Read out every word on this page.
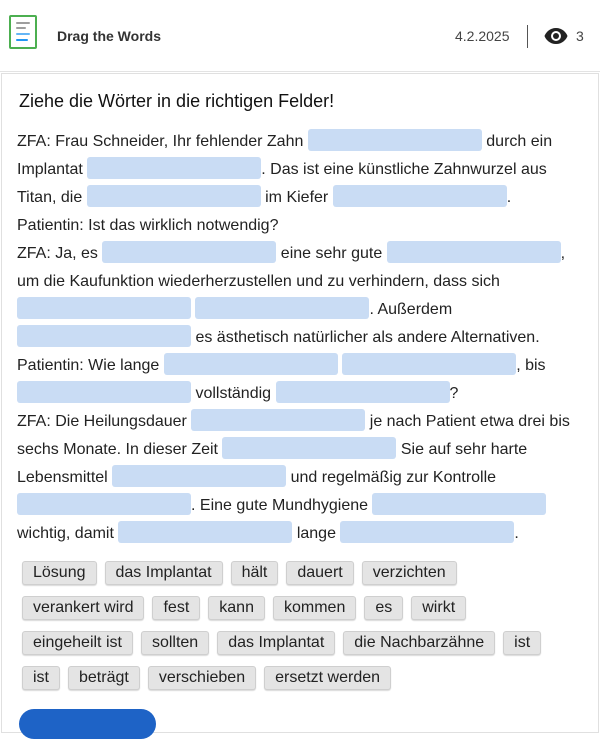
Drag the Words	4.2.2025	3
Ziehe die Wörter in die richtigen Felder!
ZFA: Frau Schneider, Ihr fehlender Zahn	durch ein Implantat	. Das ist eine künstliche Zahnwurzel aus Titan, die	im Kiefer	.
Patientin: Ist das wirklich notwendig?
ZFA: Ja, es	eine sehr gute	, um die Kaufunktion wiederherzustellen und zu verhindern, dass sich  . Außerdem  es ästhetisch natürlicher als andere Alternativen.
Patientin: Wie lange	, bis  vollständig	?
ZFA: Die Heilungsdauer	je nach Patient etwa drei bis sechs Monate. In dieser Zeit	Sie auf sehr harte Lebensmittel	und regelmäßig zur Kontrolle . Eine gute Mundhygiene  wichtig, damit	lange	.
Lösung das Implantat hält dauert verzichten
verankert wird fest kann kommen es wirkt
eingeheilt ist sollten das Implantat die Nachbarzähne ist
ist beträgt verschieben ersetzt werden
